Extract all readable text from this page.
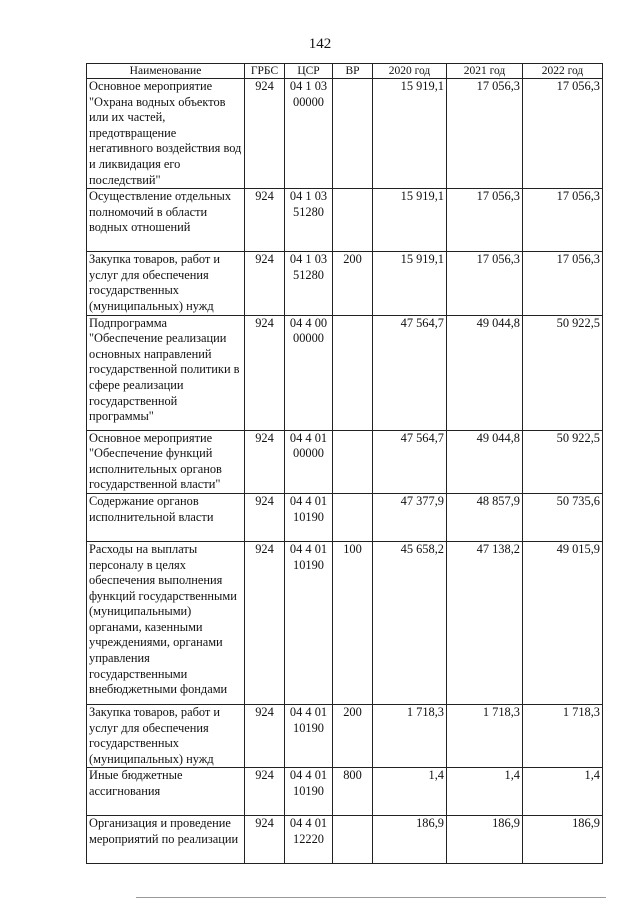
142
Наименование	ГРБС	ЦСР	ВР	2020 год	2021 год	2022 год
Основное мероприятие "Охрана водных объектов или их частей, предотвращение негативного воздействия вод и ликвидация его последствий"	924	04 1 03 00000		15 919,1	17 056,3	17 056,3
Осуществление отдельных полномочий в области водных отношений	924	04 1 03 51280		15 919,1	17 056,3	17 056,3
Закупка товаров, работ и услуг для обеспечения государственных (муниципальных) нужд	924	04 1 03 51280	200	15 919,1	17 056,3	17 056,3
Подпрограмма "Обеспечение реализации основных направлений государственной политики в сфере реализации государственной программы"	924	04 4 00 00000		47 564,7	49 044,8	50 922,5
Основное мероприятие "Обеспечение функций исполнительных органов государственной власти"	924	04 4 01 00000		47 564,7	49 044,8	50 922,5
Содержание органов исполнительной власти	924	04 4 01 10190		47 377,9	48 857,9	50 735,6
Расходы на выплаты персоналу в целях обеспечения выполнения функций государственными (муниципальными) органами, казенными учреждениями, органами управления государственными внебюджетными фондами	924	04 4 01 10190	100	45 658,2	47 138,2	49 015,9
Закупка товаров, работ и услуг для обеспечения государственных (муниципальных) нужд	924	04 4 01 10190	200	1 718,3	1 718,3	1 718,3
Иные бюджетные ассигнования	924	04 4 01 10190	800	1,4	1,4	1,4
Организация и проведение мероприятий по реализации	924	04 4 01 12220		186,9	186,9	186,9
